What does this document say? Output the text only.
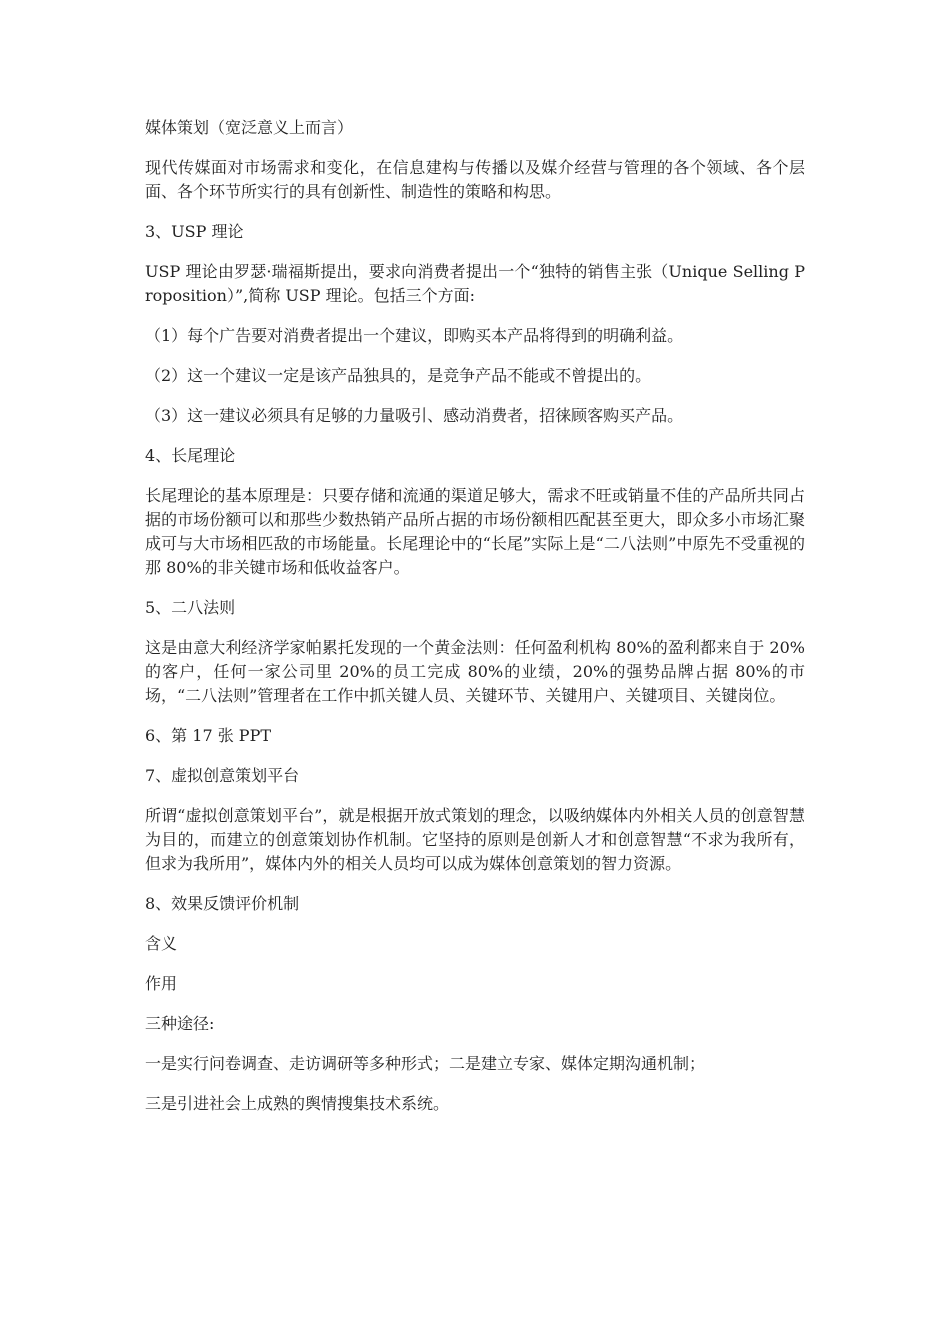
媒体策划（宽泛意义上而言）

现代传媒面对市场需求和变化，在信息建构与传播以及媒介经营与管理的各个领域、各个层面、各个环节所实行的具有创新性、制造性的策略和构思。

3、USP 理论

USP 理论由罗瑟·瑞福斯提出，要求向消费者提出一个“独特的销售主张（Unique Selling Proposition）”,简称 USP 理论。包括三个方面:

（1）每个广告要对消费者提出一个建议，即购买本产品将得到的明确利益。

（2）这一个建议一定是该产品独具的，是竞争产品不能或不曾提出的。

（3）这一建议必须具有足够的力量吸引、感动消费者，招徕顾客购买产品。

4、长尾理论

长尾理论的基本原理是：只要存储和流通的渠道足够大，需求不旺或销量不佳的产品所共同占据的市场份额可以和那些少数热销产品所占据的市场份额相匹配甚至更大，即众多小市场汇聚成可与大市场相匹敌的市场能量。长尾理论中的“长尾”实际上是“二八法则”中原先不受重视的那 80%的非关键市场和低收益客户。

5、二八法则

这是由意大利经济学家帕累托发现的一个黄金法则：任何盈利机构 80%的盈利都来自于 20%的客户，任何一家公司里 20%的员工完成 80%的业绩，20%的强势品牌占据 80%的市场，“二八法则”管理者在工作中抓关键人员、关键环节、关键用户、关键项目、关键岗位。

6、第 17 张 PPT

7、虚拟创意策划平台

所谓“虚拟创意策划平台”，就是根据开放式策划的理念，以吸纳媒体内外相关人员的创意智慧为目的，而建立的创意策划协作机制。它坚持的原则是创新人才和创意智慧“不求为我所有，但求为我所用”，媒体内外的相关人员均可以成为媒体创意策划的智力资源。

8、效果反馈评价机制

含义

作用

三种途径:

一是实行问卷调查、走访调研等多种形式；二是建立专家、媒体定期沟通机制；

三是引进社会上成熟的舆情搜集技术系统。
